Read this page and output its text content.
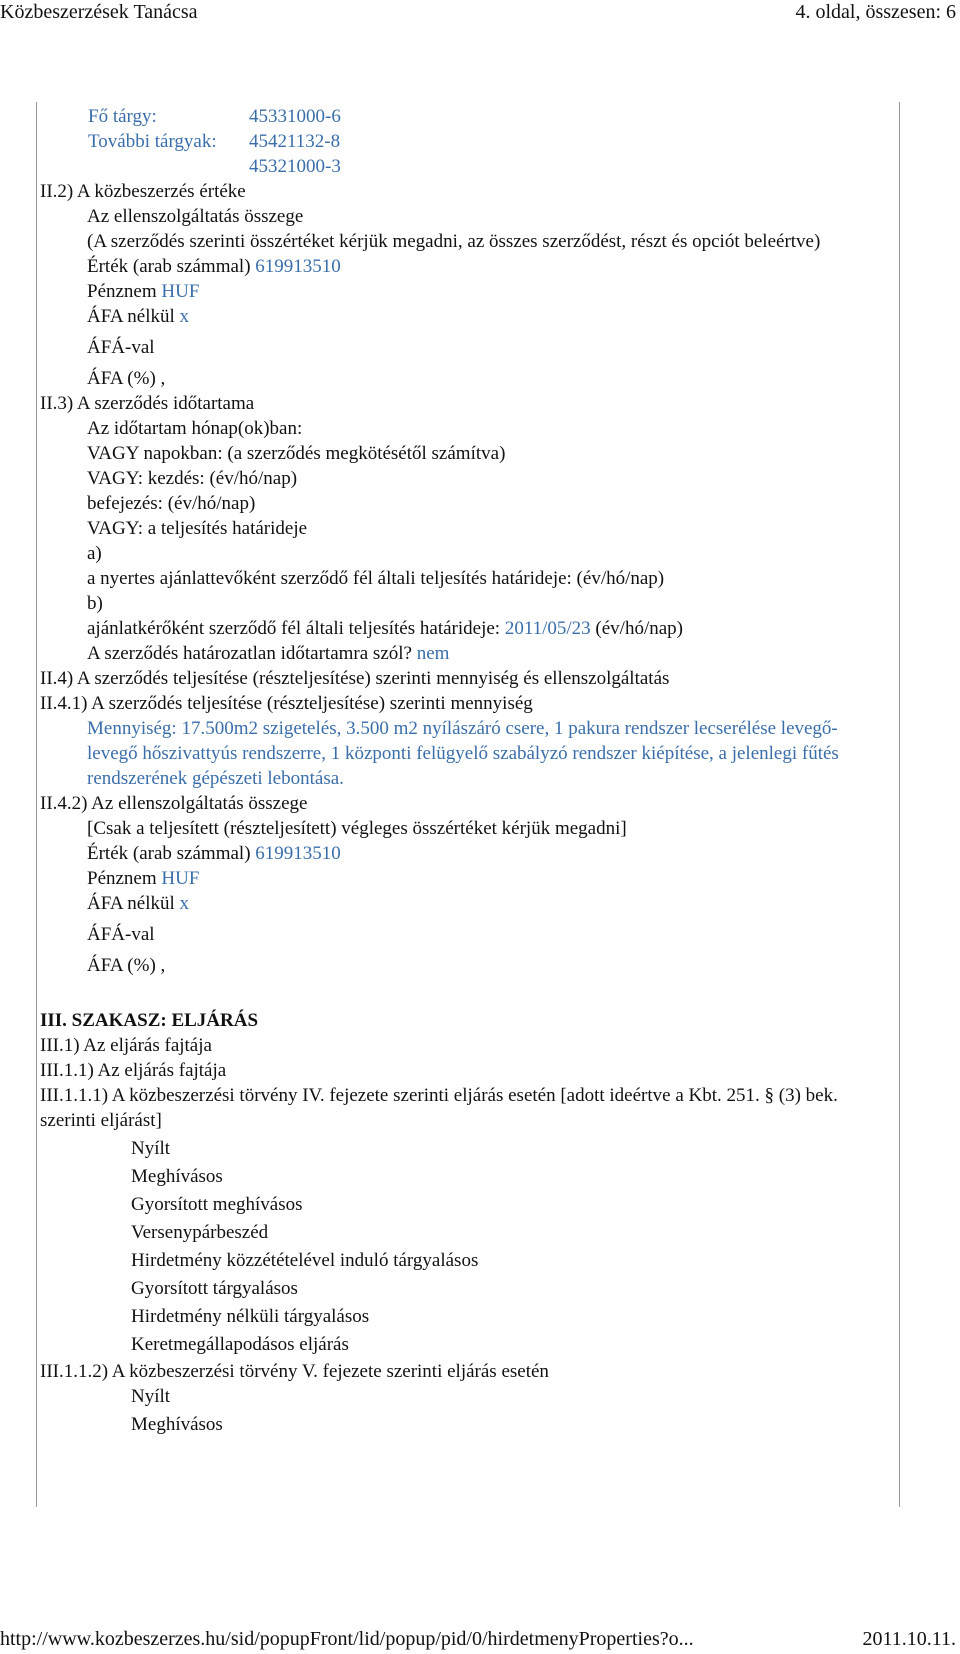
Közbeszerzések Tanácsa	4. oldal, összesen: 6
Fő tárgy:	45331000-6
További tárgyak: 45421132-8
45321000-3
II.2) A közbeszerzés értéke
Az ellenszolgáltatás összege
(A szerződés szerinti összértéket kérjük megadni, az összes szerződést, részt és opciót beleértve)
Érték (arab számmal) 619913510
Pénznem HUF
ÁFA nélkül x
ÁFÁ-val
ÁFA (%) ,
II.3) A szerződés időtartama
Az időtartam hónap(ok)ban:
VAGY napokban: (a szerződés megkötésétől számítva)
VAGY: kezdés: (év/hó/nap)
befejezés: (év/hó/nap)
VAGY: a teljesítés határideje
a)
a nyertes ajánlattevőként szerződő fél általi teljesítés határideje: (év/hó/nap)
b)
ajánlatkérőként szerződő fél általi teljesítés határideje: 2011/05/23 (év/hó/nap)
A szerződés határozatlan időtartamra szól? nem
II.4) A szerződés teljesítése (részteljesítése) szerinti mennyiség és ellenszolgáltatás
II.4.1) A szerződés teljesítése (részteljesítése) szerinti mennyiség
Mennyiség: 17.500m2 szigetelés, 3.500 m2 nyílászáró csere, 1 pakura rendszer lecserélése levegő-levegő hőszivattyús rendszerre, 1 központi felügyelő szabályzó rendszer kiépítése, a jelenlegi fűtés rendszerének gépészeti lebontása.
II.4.2) Az ellenszolgáltatás összege
[Csak a teljesített (részteljesített) végleges összértéket kérjük megadni]
Érték (arab számmal) 619913510
Pénznem HUF
ÁFA nélkül x
ÁFÁ-val
ÁFA (%) ,
III. SZAKASZ: ELJÁRÁS
III.1) Az eljárás fajtája
III.1.1) Az eljárás fajtája
III.1.1.1) A közbeszerzési törvény IV. fejezete szerinti eljárás esetén [adott ideértve a Kbt. 251. § (3) bek. szerinti eljárást]
Nyílt
Meghívásos
Gyorsított meghívásos
Versenypárbeszéd
Hirdetmény közzétételével induló tárgyalásos
Gyorsított tárgyalásos
Hirdetmény nélküli tárgyalásos
Keretmegállapodásos eljárás
III.1.1.2) A közbeszerzési törvény V. fejezete szerinti eljárás esetén
Nyílt
Meghívásos
http://www.kozbeszerzes.hu/sid/popupFront/lid/popup/pid/0/hirdetmenyProperties?o...	2011.10.11.
